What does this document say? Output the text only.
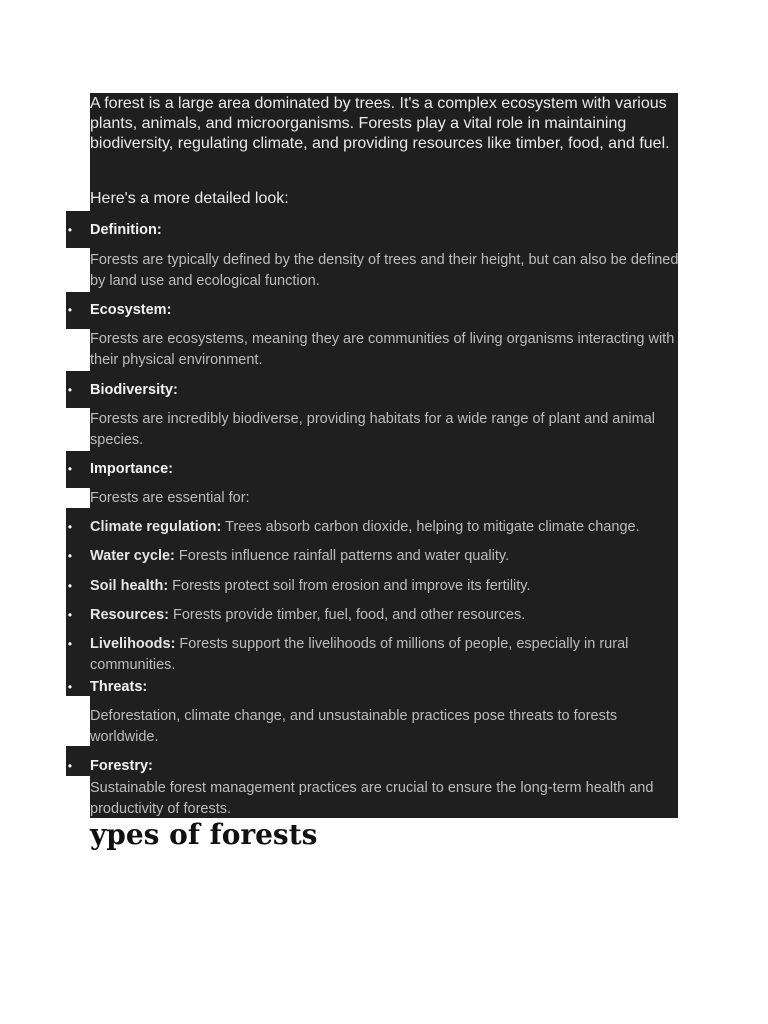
A forest is a large area dominated by trees. It's a complex ecosystem with various plants, animals, and microorganisms. Forests play a vital role in maintaining biodiversity, regulating climate, and providing resources like timber, food, and fuel.

Here's a more detailed look:

• Definition:

Forests are typically defined by the density of trees and their height, but can also be defined by land use and ecological function.

• Ecosystem:

Forests are ecosystems, meaning they are communities of living organisms interacting with their physical environment.

• Biodiversity:

Forests are incredibly biodiverse, providing habitats for a wide range of plant and animal species.

• Importance:

Forests are essential for:

• Climate regulation: Trees absorb carbon dioxide, helping to mitigate climate change.
• Water cycle: Forests influence rainfall patterns and water quality.
• Soil health: Forests protect soil from erosion and improve its fertility.
• Resources: Forests provide timber, fuel, food, and other resources.
• Livelihoods: Forests support the livelihoods of millions of people, especially in rural communities.
• Threats:

Deforestation, climate change, and unsustainable practices pose threats to forests worldwide.

• Forestry:

Sustainable forest management practices are crucial to ensure the long-term health and productivity of forests.

ypes of forests
